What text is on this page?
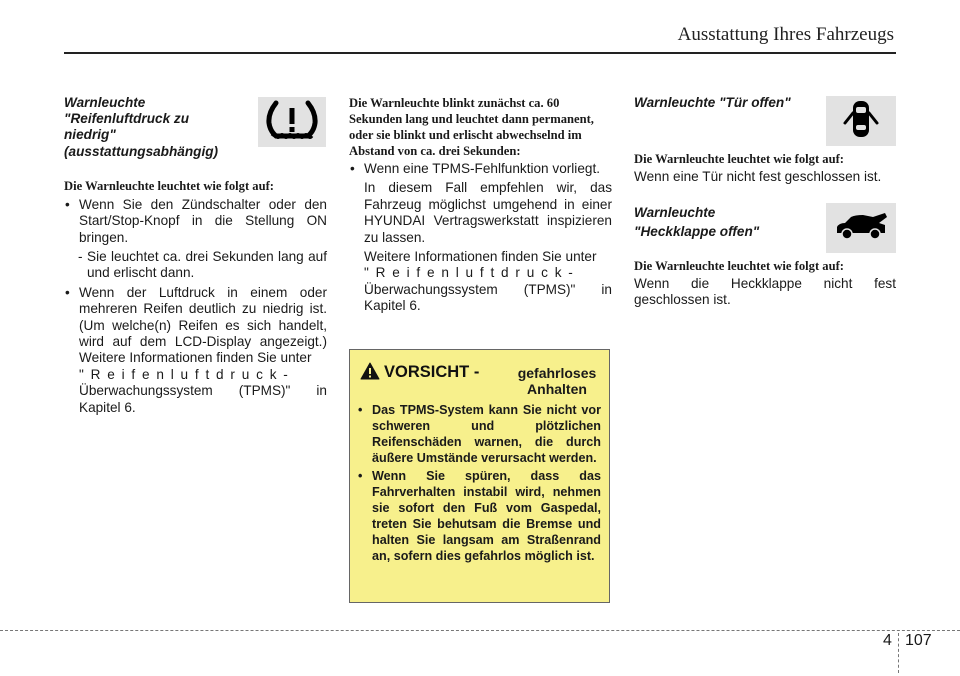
Ausstattung Ihres Fahrzeugs
Warnleuchte
"Reifenluftdruck zu
niedrig"
(ausstattungsabhängig)

Die Warnleuchte leuchtet wie folgt auf:

• Wenn Sie den Zündschalter oder den Start/Stop-Knopf in die Stellung ON bringen.

- Sie leuchtet ca. drei Sekunden lang auf und erlischt dann.

• Wenn der Luftdruck in einem oder mehreren Reifen deutlich zu niedrig ist. (Um welche(n) Reifen es sich handelt, wird auf dem LCD-Display angezeigt.) Weitere Informationen finden Sie unter
"Reifenluftdruck-
Überwachungssystem (TPMS)" in Kapitel 6.

Die Warnleuchte blinkt zunächst ca. 60 Sekunden lang und leuchtet dann permanent, oder sie blinkt und erlischt abwechselnd im Abstand von ca. drei Sekunden:

• Wenn eine TPMS-Fehlfunktion vorliegt.

In diesem Fall empfehlen wir, das Fahrzeug möglichst umgehend in einer HYUNDAI Vertragswerkstatt inspizieren zu lassen.

Weitere Informationen finden Sie unter
"Reifenluftdruck-
Überwachungssystem (TPMS)" in Kapitel 6.

VORSICHT -	gefahrloses Anhalten
• Das TPMS-System kann Sie nicht vor schweren und plötzlichen Reifenschäden warnen, die durch äußere Umstände verursacht werden.
• Wenn Sie spüren, dass das Fahrverhalten instabil wird, nehmen sie sofort den Fuß vom Gaspedal, treten Sie behutsam die Bremse und halten Sie langsam am Straßenrand an, sofern dies gefahrlos möglich ist.

Warnleuchte "Tür offen"

Die Warnleuchte leuchtet wie folgt auf:

Wenn eine Tür nicht fest geschlossen ist.

Warnleuchte
"Heckklappe offen"

Die Warnleuchte leuchtet wie folgt auf:

Wenn die Heckklappe nicht fest geschlossen ist.

4 107
